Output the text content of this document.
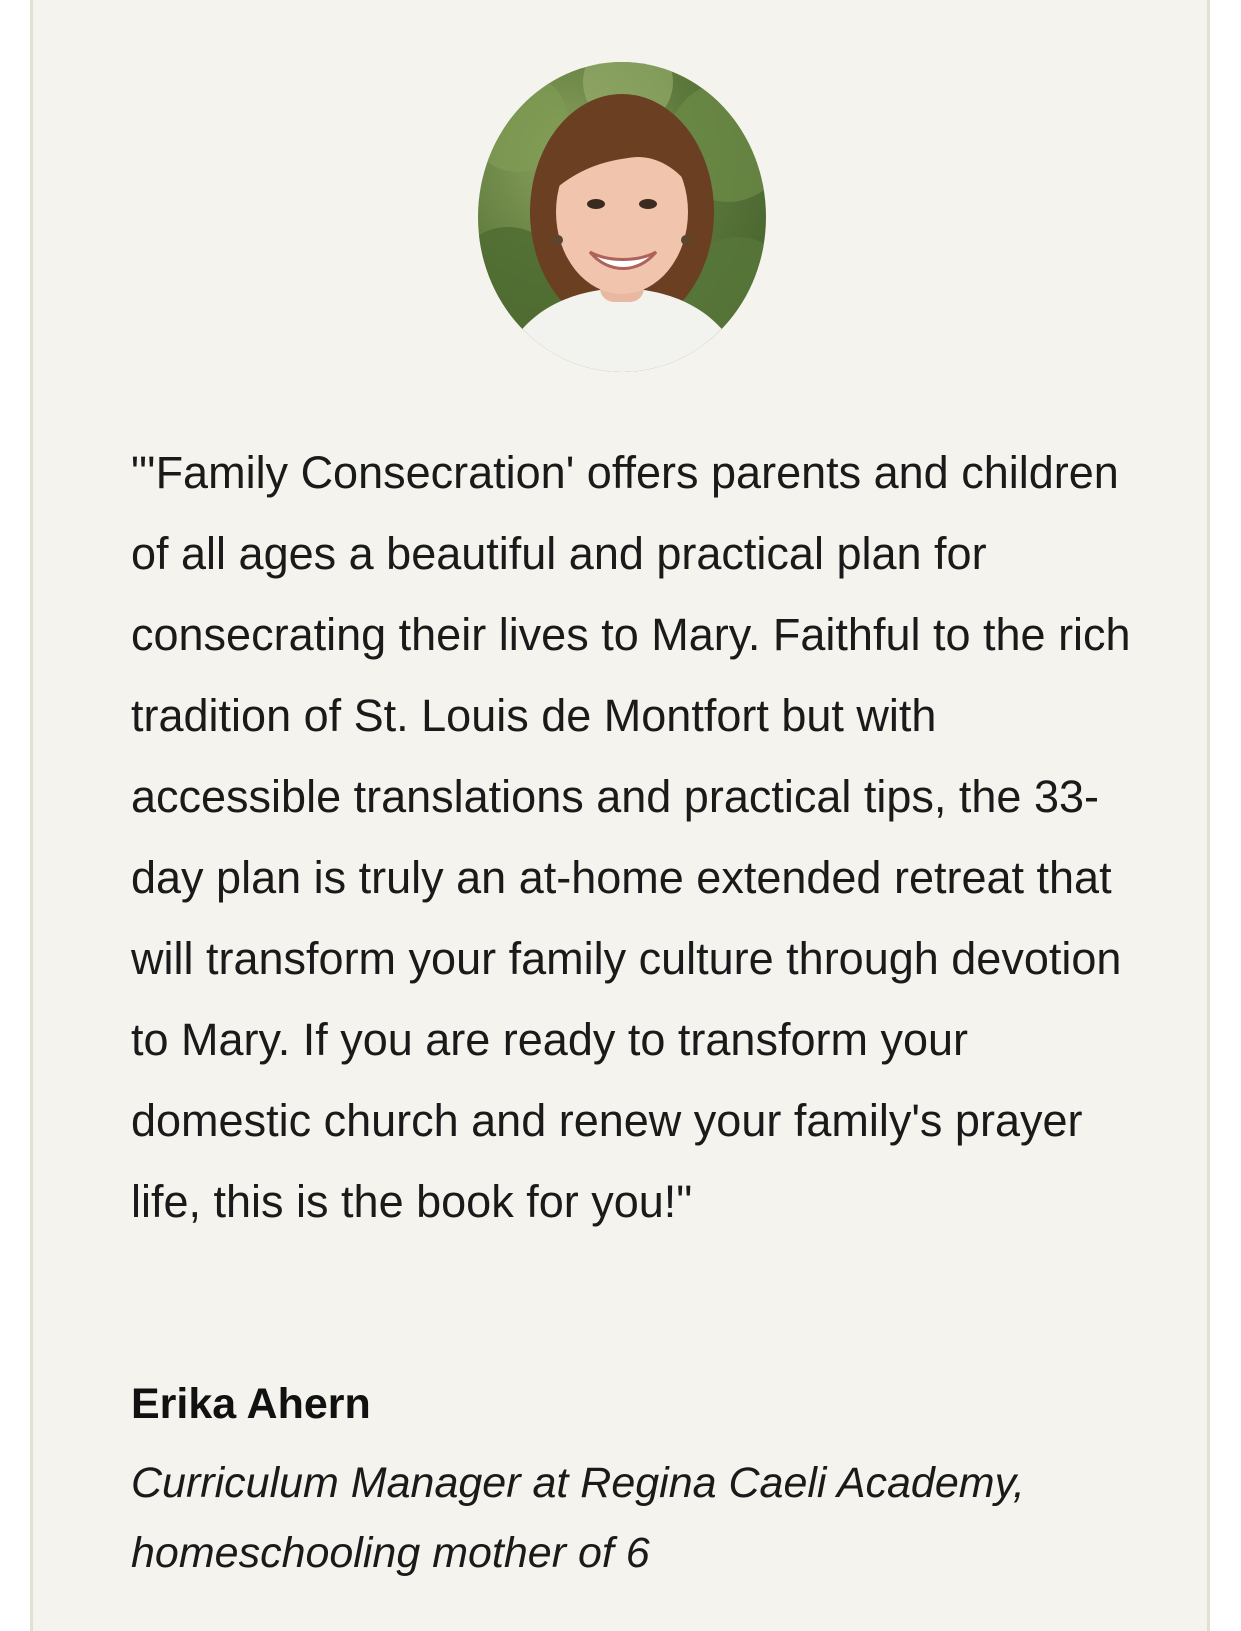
"'Family Consecration' offers parents and children of all ages a beautiful and practical plan for consecrating their lives to Mary. Faithful to the rich tradition of St. Louis de Montfort but with accessible translations and practical tips, the 33-day plan is truly an at-home extended retreat that will transform your family culture through devotion to Mary. If you are ready to transform your domestic church and renew your family's prayer life, this is the book for you!"

Erika Ahern

Curriculum Manager at Regina Caeli Academy, homeschooling mother of 6
